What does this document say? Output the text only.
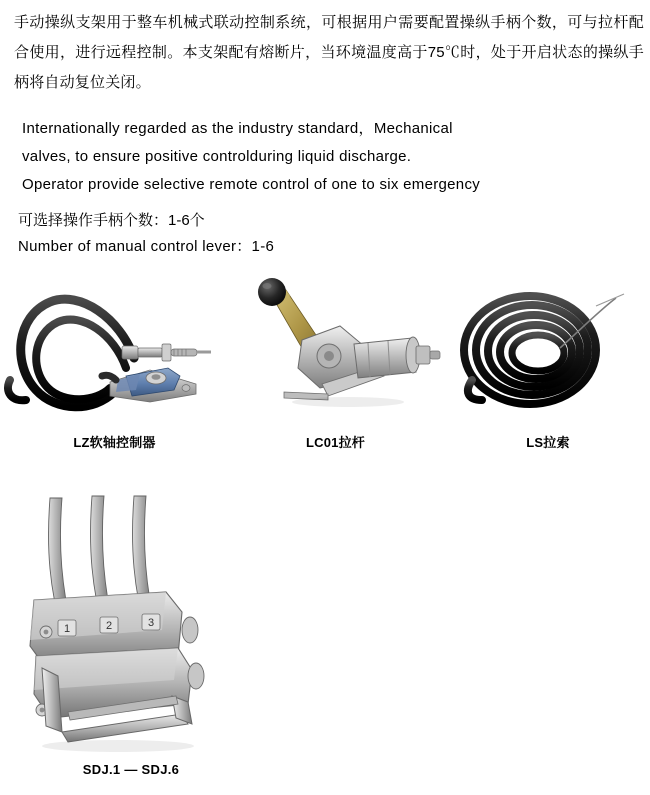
手动操纵支架用于整车机械式联动控制系统，可根据用户需要配置操纵手柄个数，可与拉杆配合使用，进行远程控制。本支架配有熔断片，当环境温度高于75℃时，处于开启状态的操纵手柄将自动复位关闭。
Internationally regarded as the industry standard，Mechanical
valves, to ensure positive controlduring liquid discharge.
Operator provide selective remote control of one to six emergency
可选择操作手柄个数：1-6个
Number of manual control lever：1-6
LZ软轴控制器	LC01拉杆	LS拉索
1	2	3
SDJ.1 — SDJ.6
